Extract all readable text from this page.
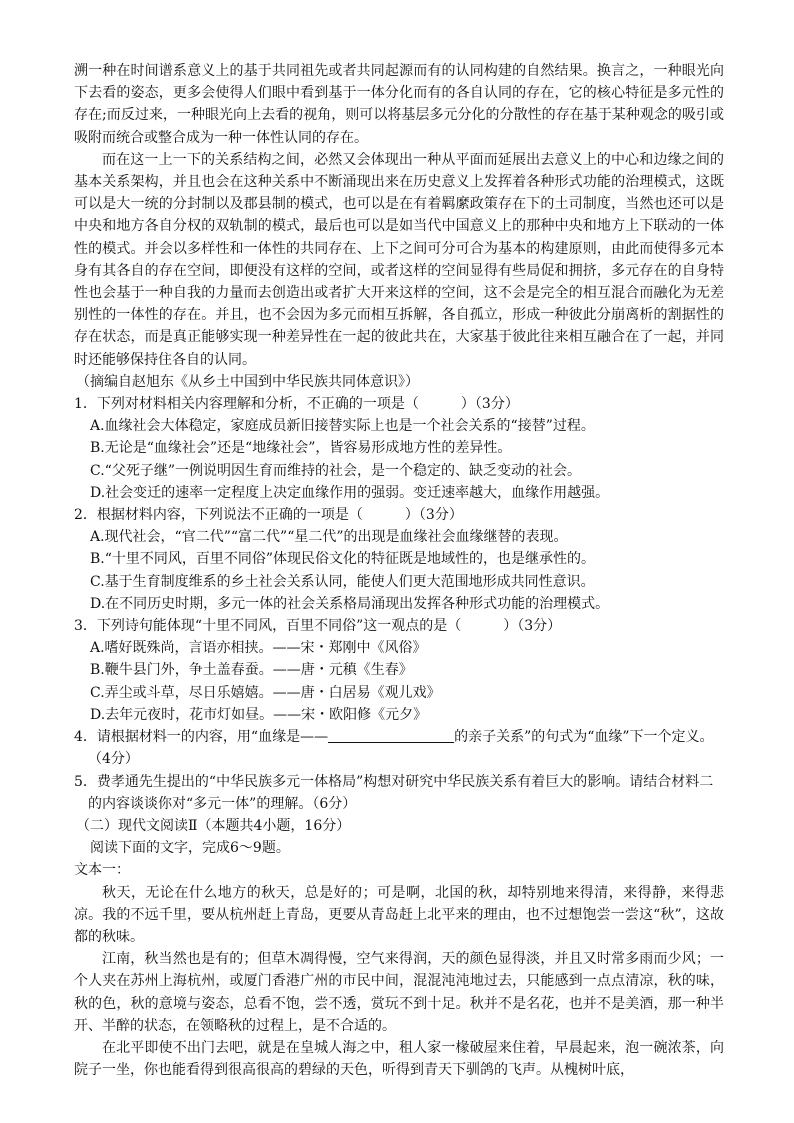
溯一种在时间谱系意义上的基于共同祖先或者共同起源而有的认同构建的自然结果。换言之，一种眼光向下去看的姿态，更多会使得人们眼中看到基于一体分化而有的各自认同的存在，它的核心特征是多元性的存在;而反过来，一种眼光向上去看的视角，则可以将基层多元分化的分散性的存在基于某种观念的吸引或吸附而统合或整合成为一种一体性认同的存在。

而在这一上一下的关系结构之间，必然又会体现出一种从平面而延展出去意义上的中心和边缘之间的基本关系架构，并且也会在这种关系中不断涌现出来在历史意义上发挥着各种形式功能的治理模式，这既可以是大一统的分封制以及郡县制的模式，也可以是在有着羁縻政策存在下的土司制度，当然也还可以是中央和地方各自分权的双轨制的模式，最后也可以是如当代中国意义上的那种中央和地方上下联动的一体性的模式。并会以多样性和一体性的共同存在、上下之间可分可合为基本的构建原则，由此而使得多元本身有其各自的存在空间，即便没有这样的空间，或者这样的空间显得有些局促和拥挤，多元存在的自身特性也会基于一种自我的力量而去创造出或者扩大开来这样的空间，这不会是完全的相互混合而融化为无差别性的一体性的存在。并且，也不会因为多元而相互拆解，各自孤立，形成一种彼此分崩离析的割据性的存在状态，而是真正能够实现一种差异性在一起的彼此共在，大家基于彼此往来相互融合在了一起，并同时还能够保持住各自的认同。

（摘编自赵旭东《从乡土中国到中华民族共同体意识》）

1．下列对材料相关内容理解和分析，不正确的一项是（　　　）（3分）
A.血缘社会大体稳定，家庭成员新旧接替实际上也是一个社会关系的“接替”过程。
B.无论是“血缘社会”还是“地缘社会”，皆容易形成地方性的差异性。
C.“父死子继”一例说明因生育而维持的社会，是一个稳定的、缺乏变动的社会。
D.社会变迁的速率一定程度上决定血缘作用的强弱。变迁速率越大，血缘作用越强。
2．根据材料内容，下列说法不正确的一项是（　　　）（3分）
A.现代社会，“官二代”“富二代”“星二代”的出现是血缘社会血缘继替的表现。
B.“十里不同风，百里不同俗”体现民俗文化的特征既是地域性的，也是继承性的。
C.基于生育制度维系的乡土社会关系认同，能使人们更大范围地形成共同性意识。
D.在不同历史时期，多元一体的社会关系格局涌现出发挥各种形式功能的治理模式。
3．下列诗句能体现“十里不同风，百里不同俗”这一观点的是（　　　）（3分）
A.嗜好既殊尚，言语亦相挟。——宋・郑刚中《风俗》
B.鞭牛县门外，争土盖春蚕。——唐・元稹《生春》
C.弄尘或斗草，尽日乐嬉嬉。——唐・白居易《观儿戏》
D.去年元夜时，花市灯如昼。——宋・欧阳修《元夕》
4．请根据材料一的内容，用“血缘是——	的亲子关系”的句式为“血缘”下一个定义。（4分）
5．费孝通先生提出的“中华民族多元一体格局”构想对研究中华民族关系有着巨大的影响。请结合材料二的内容谈谈你对“多元一体”的理解。（6分）

（二）现代文阅读Ⅱ（本题共4小题，16分）

阅读下面的文字，完成6～9题。

文本一：

秋天，无论在什么地方的秋天，总是好的；可是啊，北国的秋，却特别地来得清，来得静，来得悲凉。我的不远千里，要从杭州赶上青岛，更要从青岛赶上北平来的理由，也不过想饱尝一尝这“秋”，这故都的秋味。

江南，秋当然也是有的；但草木凋得慢，空气来得润，天的颜色显得淡，并且又时常多雨而少风；一个人夹在苏州上海杭州，或厦门香港广州的市民中间，混混沌沌地过去，只能感到一点点清凉，秋的味，秋的色，秋的意境与姿态，总看不饱，尝不透，赏玩不到十足。秋并不是名花，也并不是美酒，那一种半开、半醉的状态，在领略秋的过程上，是不合适的。

在北平即使不出门去吧，就是在皇城人海之中，租人家一椽破屋来住着，早晨起来，泡一碗浓茶，向院子一坐，你也能看得到很高很高的碧绿的天色，听得到青天下驯鸽的飞声。从槐树叶底，
